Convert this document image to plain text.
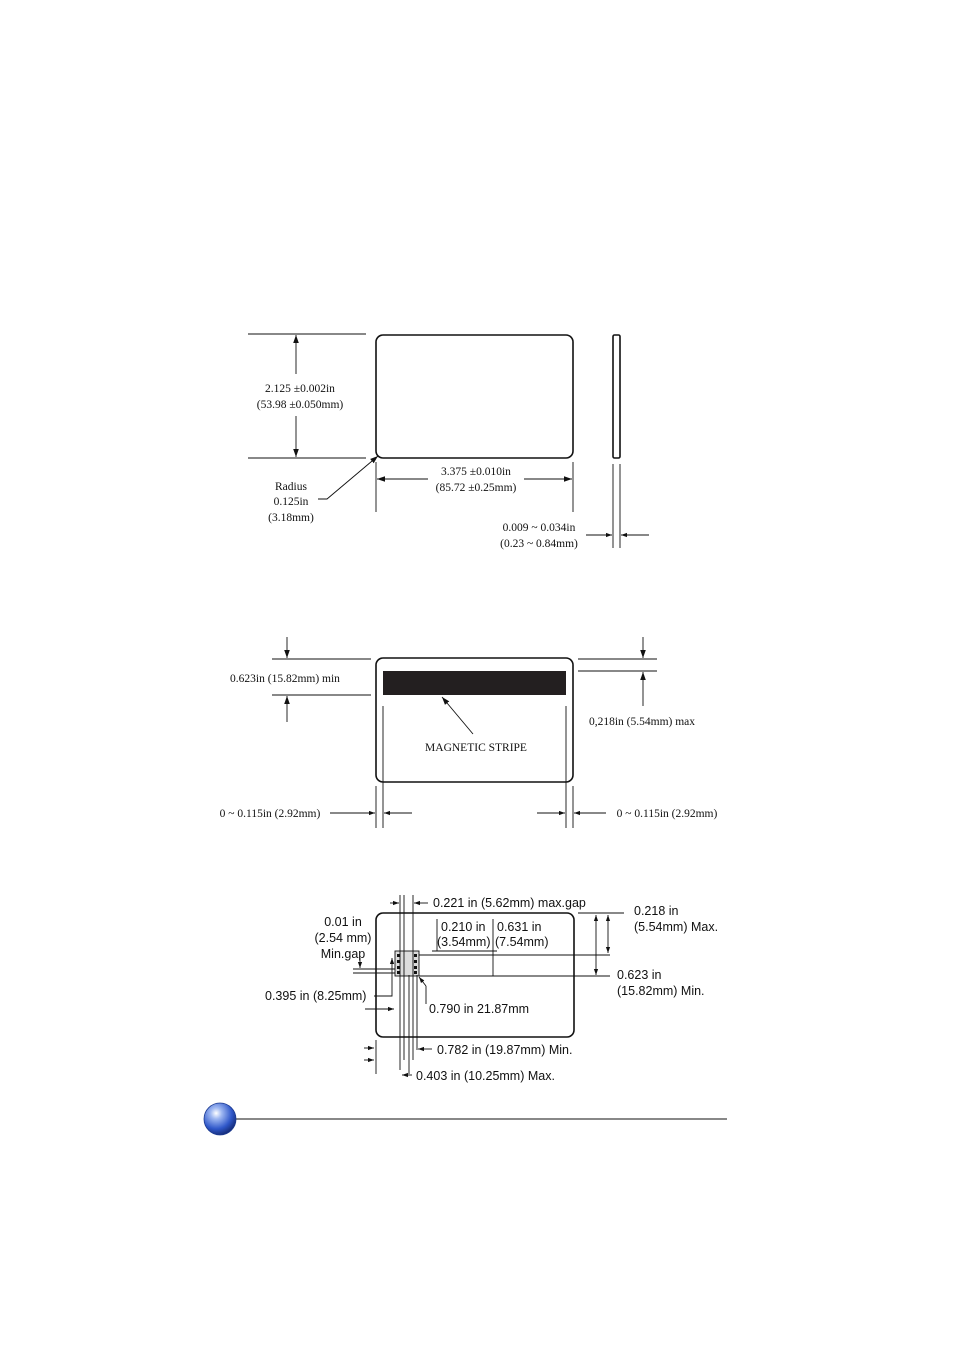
2.125 ±0.002in
(53.98 ±0.050mm)
3.375 ±0.010in
(85.72 ±0.25mm)
Radius
0.125in
(3.18mm)
0.009 ~ 0.034in
(0.23 ~ 0.84mm)
0.623in (15.82mm) min
0,218in (5.54mm) max
MAGNETIC STRIPE
0 ~ 0.115in (2.92mm)	0 ~ 0.115in (2.92mm)
0.221 in (5.62mm) max.gap
0.01 in
(2.54 mm)
Min.gap
0.210 in
(3.54mm)
0.631 in
(7.54mm)
0.218 in
(5.54mm) Max.
0.623 in
(15.82mm) Min.
0.395 in (8.25mm)
0.790 in 21.87mm
0.782 in (19.87mm) Min.
0.403 in (10.25mm) Max.
